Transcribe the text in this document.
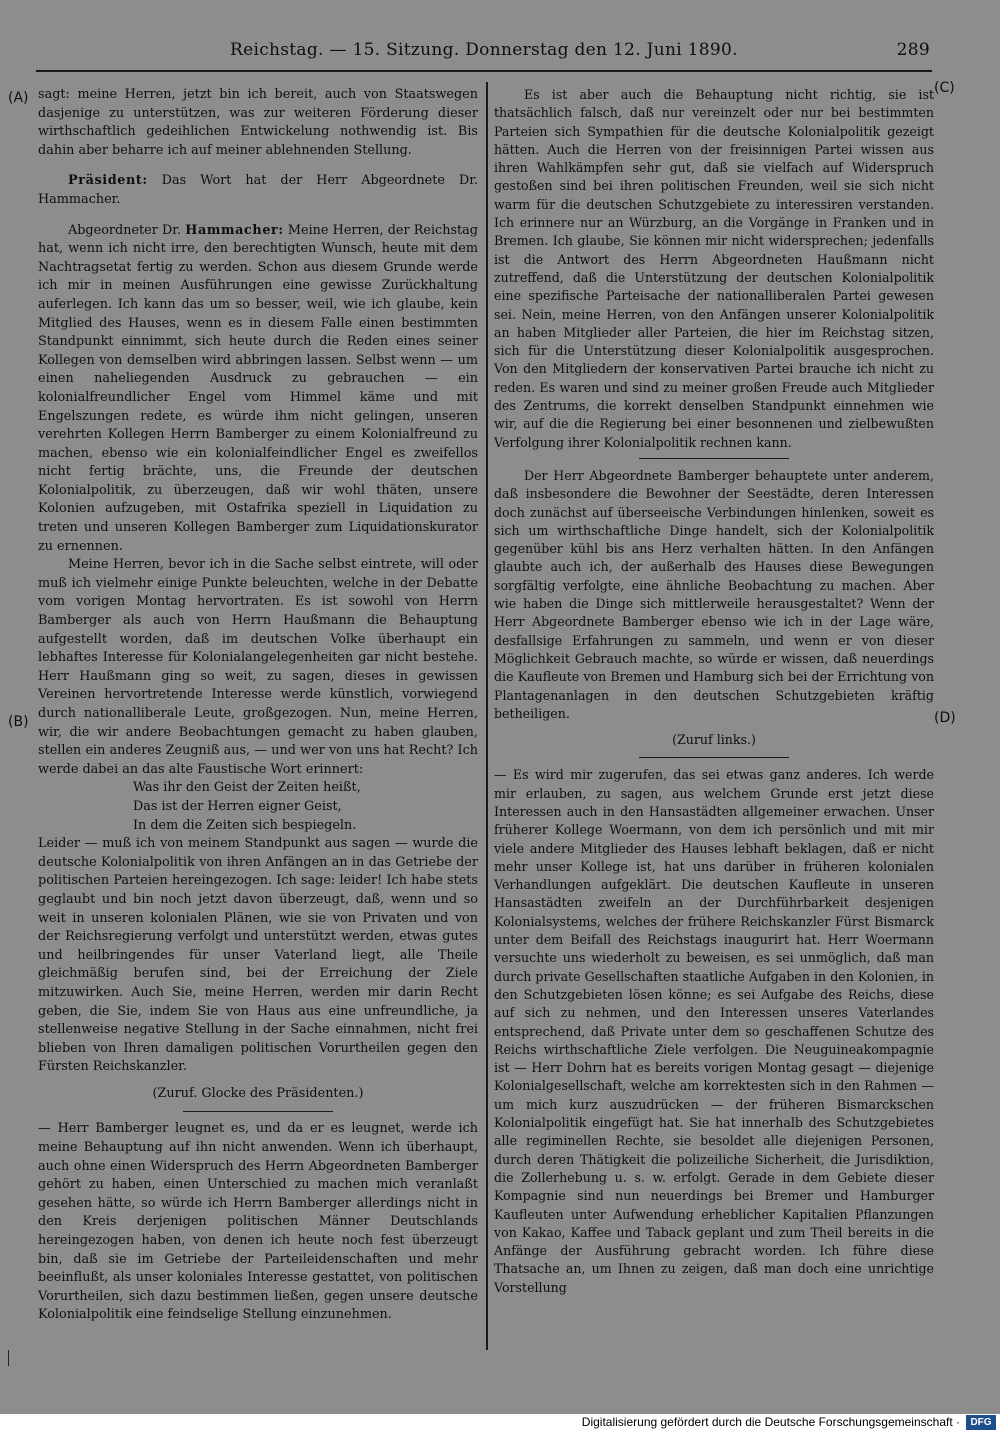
Reichstag. — 15. Sitzung. Donnerstag den 12. Juni 1890.	289
(A)
(B)
(C)
(D)

sagt: meine Herren, jetzt bin ich bereit, auch von Staatswegen dasjenige zu unterstützen, was zur weiteren Förderung dieser wirthschaftlich gedeihlichen Entwickelung nothwendig ist. Bis dahin aber beharre ich auf meiner ablehnenden Stellung.

Präsident: Das Wort hat der Herr Abgeordnete Dr. Hammacher.

Abgeordneter Dr. Hammacher: Meine Herren, der Reichstag hat, wenn ich nicht irre, den berechtigten Wunsch, heute mit dem Nachtragsetat fertig zu werden. Schon aus diesem Grunde werde ich mir in meinen Ausführungen eine gewisse Zurückhaltung auferlegen. Ich kann das um so besser, weil, wie ich glaube, kein Mitglied des Hauses, wenn es in diesem Falle einen bestimmten Standpunkt einnimmt, sich heute durch die Reden eines seiner Kollegen von demselben wird abbringen lassen. Selbst wenn — um einen naheliegenden Ausdruck zu gebrauchen — ein kolonialfreundlicher Engel vom Himmel käme und mit Engelszungen redete, es würde ihm nicht gelingen, unseren verehrten Kollegen Herrn Bamberger zu einem Kolonialfreund zu machen, ebenso wie ein kolonialfeindlicher Engel es zweifellos nicht fertig brächte, uns, die Freunde der deutschen Kolonialpolitik, zu überzeugen, daß wir wohl thäten, unsere Kolonien aufzugeben, mit Ostafrika speziell in Liquidation zu treten und unseren Kollegen Bamberger zum Liquidationskurator zu ernennen.

Meine Herren, bevor ich in die Sache selbst eintrete, will oder muß ich vielmehr einige Punkte beleuchten, welche in der Debatte vom vorigen Montag hervortraten. Es ist sowohl von Herrn Bamberger als auch von Herrn Haußmann die Behauptung aufgestellt worden, daß im deutschen Volke überhaupt ein lebhaftes Interesse für Kolonialangelegenheiten gar nicht bestehe. Herr Haußmann ging so weit, zu sagen, dieses in gewissen Vereinen hervortretende Interesse werde künstlich, vorwiegend durch nationalliberale Leute, großgezogen. Nun, meine Herren, wir, die wir andere Beobachtungen gemacht zu haben glauben, stellen ein anderes Zeugniß aus, — und wer von uns hat Recht? Ich werde dabei an das alte Faustische Wort erinnert:

Was ihr den Geist der Zeiten heißt,

Das ist der Herren eigner Geist,

In dem die Zeiten sich bespiegeln.

Leider — muß ich von meinem Standpunkt aus sagen — wurde die deutsche Kolonialpolitik von ihren Anfängen an in das Getriebe der politischen Parteien hereingezogen. Ich sage: leider! Ich habe stets geglaubt und bin noch jetzt davon überzeugt, daß, wenn und so weit in unseren kolonialen Plänen, wie sie von Privaten und von der Reichsregierung verfolgt und unterstützt werden, etwas gutes und heilbringendes für unser Vaterland liegt, alle Theile gleichmäßig berufen sind, bei der Erreichung der Ziele mitzuwirken. Auch Sie, meine Herren, werden mir darin Recht geben, die Sie, indem Sie von Haus aus eine unfreundliche, ja stellenweise negative Stellung in der Sache einnahmen, nicht frei blieben von Ihren damaligen politischen Vorurtheilen gegen den Fürsten Reichskanzler.

(Zuruf. Glocke des Präsidenten.)

— Herr Bamberger leugnet es, und da er es leugnet, werde ich meine Behauptung auf ihn nicht anwenden. Wenn ich überhaupt, auch ohne einen Widerspruch des Herrn Abgeordneten Bamberger gehört zu haben, einen Unterschied zu machen mich veranlaßt gesehen hätte, so würde ich Herrn Bamberger allerdings nicht in den Kreis derjenigen politischen Männer Deutschlands hereingezogen haben, von denen ich heute noch fest überzeugt bin, daß sie im Getriebe der Parteileidenschaften und mehr beeinflußt, als unser koloniales Interesse gestattet, von politischen Vorurtheilen, sich dazu bestimmen ließen, gegen unsere deutsche Kolonialpolitik eine feindselige Stellung einzunehmen.

Es ist aber auch die Behauptung nicht richtig, sie ist thatsächlich falsch, daß nur vereinzelt oder nur bei bestimmten Parteien sich Sympathien für die deutsche Kolonialpolitik gezeigt hätten. Auch die Herren von der freisinnigen Partei wissen aus ihren Wahlkämpfen sehr gut, daß sie vielfach auf Widerspruch gestoßen sind bei ihren politischen Freunden, weil sie sich nicht warm für die deutschen Schutzgebiete zu interessiren verstanden. Ich erinnere nur an Würzburg, an die Vorgänge in Franken und in Bremen. Ich glaube, Sie können mir nicht widersprechen; jedenfalls ist die Antwort des Herrn Abgeordneten Haußmann nicht zutreffend, daß die Unterstützung der deutschen Kolonialpolitik eine spezifische Parteisache der nationalliberalen Partei gewesen sei. Nein, meine Herren, von den Anfängen unserer Kolonialpolitik an haben Mitglieder aller Parteien, die hier im Reichstag sitzen, sich für die Unterstützung dieser Kolonialpolitik ausgesprochen. Von den Mitgliedern der konservativen Partei brauche ich nicht zu reden. Es waren und sind zu meiner großen Freude auch Mitglieder des Zentrums, die korrekt denselben Standpunkt einnehmen wie wir, auf die die Regierung bei einer besonnenen und zielbewußten Verfolgung ihrer Kolonialpolitik rechnen kann.

Der Herr Abgeordnete Bamberger behauptete unter anderem, daß insbesondere die Bewohner der Seestädte, deren Interessen doch zunächst auf überseeische Verbindungen hinlenken, soweit es sich um wirthschaftliche Dinge handelt, sich der Kolonialpolitik gegenüber kühl bis ans Herz verhalten hätten. In den Anfängen glaubte auch ich, der außerhalb des Hauses diese Bewegungen sorgfältig verfolgte, eine ähnliche Beobachtung zu machen. Aber wie haben die Dinge sich mittlerweile herausgestaltet? Wenn der Herr Abgeordnete Bamberger ebenso wie ich in der Lage wäre, desfallsige Erfahrungen zu sammeln, und wenn er von dieser Möglichkeit Gebrauch machte, so würde er wissen, daß neuerdings die Kaufleute von Bremen und Hamburg sich bei der Errichtung von Plantagenanlagen in den deutschen Schutzgebieten kräftig betheiligen.

(Zuruf links.)

— Es wird mir zugerufen, das sei etwas ganz anderes. Ich werde mir erlauben, zu sagen, aus welchem Grunde erst jetzt diese Interessen auch in den Hansastädten allgemeiner erwachen. Unser früherer Kollege Woermann, von dem ich persönlich und mit mir viele andere Mitglieder des Hauses lebhaft beklagen, daß er nicht mehr unser Kollege ist, hat uns darüber in früheren kolonialen Verhandlungen aufgeklärt. Die deutschen Kaufleute in unseren Hansastädten zweifeln an der Durchführbarkeit desjenigen Kolonialsystems, welches der frühere Reichskanzler Fürst Bismarck unter dem Beifall des Reichstags inaugurirt hat. Herr Woermann versuchte uns wiederholt zu beweisen, es sei unmöglich, daß man durch private Gesellschaften staatliche Aufgaben in den Kolonien, in den Schutzgebieten lösen könne; es sei Aufgabe des Reichs, diese auf sich zu nehmen, und den Interessen unseres Vaterlandes entsprechend, daß Private unter dem so geschaffenen Schutze des Reichs wirthschaftliche Ziele verfolgen. Die Neuguineakompagnie ist — Herr Dohrn hat es bereits vorigen Montag gesagt — diejenige Kolonialgesellschaft, welche am korrektesten sich in den Rahmen — um mich kurz auszudrücken — der früheren Bismarckschen Kolonialpolitik eingefügt hat. Sie hat innerhalb des Schutzgebietes alle regiminellen Rechte, sie besoldet alle diejenigen Personen, durch deren Thätigkeit die polizeiliche Sicherheit, die Jurisdiktion, die Zollerhebung u. s. w. erfolgt. Gerade in dem Gebiete dieser Kompagnie sind nun neuerdings bei Bremer und Hamburger Kaufleuten unter Aufwendung erheblicher Kapitalien Pflanzungen von Kakao, Kaffee und Taback geplant und zum Theil bereits in die Anfänge der Ausführung gebracht worden. Ich führe diese Thatsache an, um Ihnen zu zeigen, daß man doch eine unrichtige Vorstellung

Digitalisierung gefördert durch die Deutsche Forschungsgemeinschaft ·	DFG
